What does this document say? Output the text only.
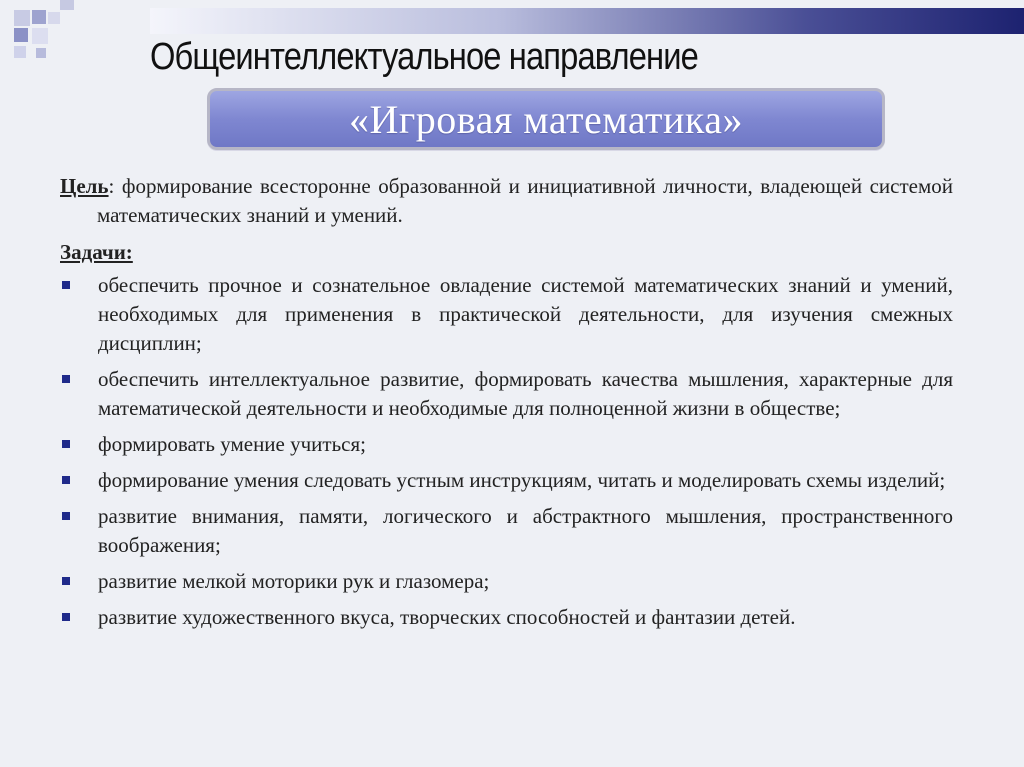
Общеинтеллектуальное направление
«Игровая математика»
Цель: формирование всесторонне образованной и инициативной личности, владеющей системой математических знаний и умений.
Задачи:
обеспечить прочное и сознательное овладение системой математических знаний и умений, необходимых для применения в практической деятельности, для изучения смежных дисциплин;
обеспечить интеллектуальное развитие, формировать качества мышления, характерные для математической деятельности и необходимые для полноценной жизни в обществе;
формировать умение учиться;
формирование умения следовать устным инструкциям, читать и моделировать схемы изделий;
развитие внимания, памяти, логического и абстрактного мышления, пространственного воображения;
развитие мелкой моторики рук и глазомера;
развитие художественного вкуса, творческих способностей и фантазии детей.
